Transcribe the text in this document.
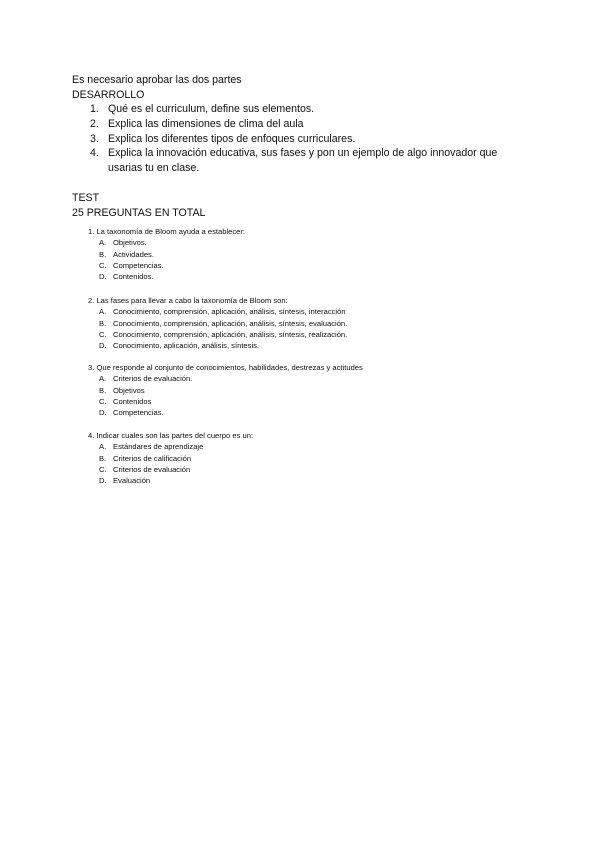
Es necesario aprobar las dos partes

DESARROLLO

1. Qué es el curriculum, define sus elementos.
2. Explica las dimensiones de clima del aula
3. Explica los diferentes tipos de enfoques curriculares.
4. Explica la innovación educativa, sus fases y pon un ejemplo de algo innovador que usarias tu en clase.

TEST

25 PREGUNTAS EN TOTAL

1. La taxonomía de Bloom ayuda a establecer:

A. Objetivos.
B. Actividades.
C. Competencias.
D. Contenidos.

2. Las fases para llevar a cabo la taxonomía de Bloom son:

A. Conocimiento, comprensión, aplicación, análisis, síntesis, interacción
B. Conocimiento, comprensión, aplicación, análisis, síntesis, evaluación.
C. Conocimiento, comprensión, aplicación, análisis, síntesis, realización.
D. Conocimiento, aplicación, análisis, síntesis.

3. Que responde al conjunto de conocimientos, habilidades, destrezas y actitudes

A. Criterios de evaluación.
B. Objetivos
C. Contenidos
D. Competencias.

4. Indicar cuales son las partes del cuerpo es un:

A. Estándares de aprendizaje
B. Criterios de calificación
C. Criterios de evaluación
D. Evaluación
